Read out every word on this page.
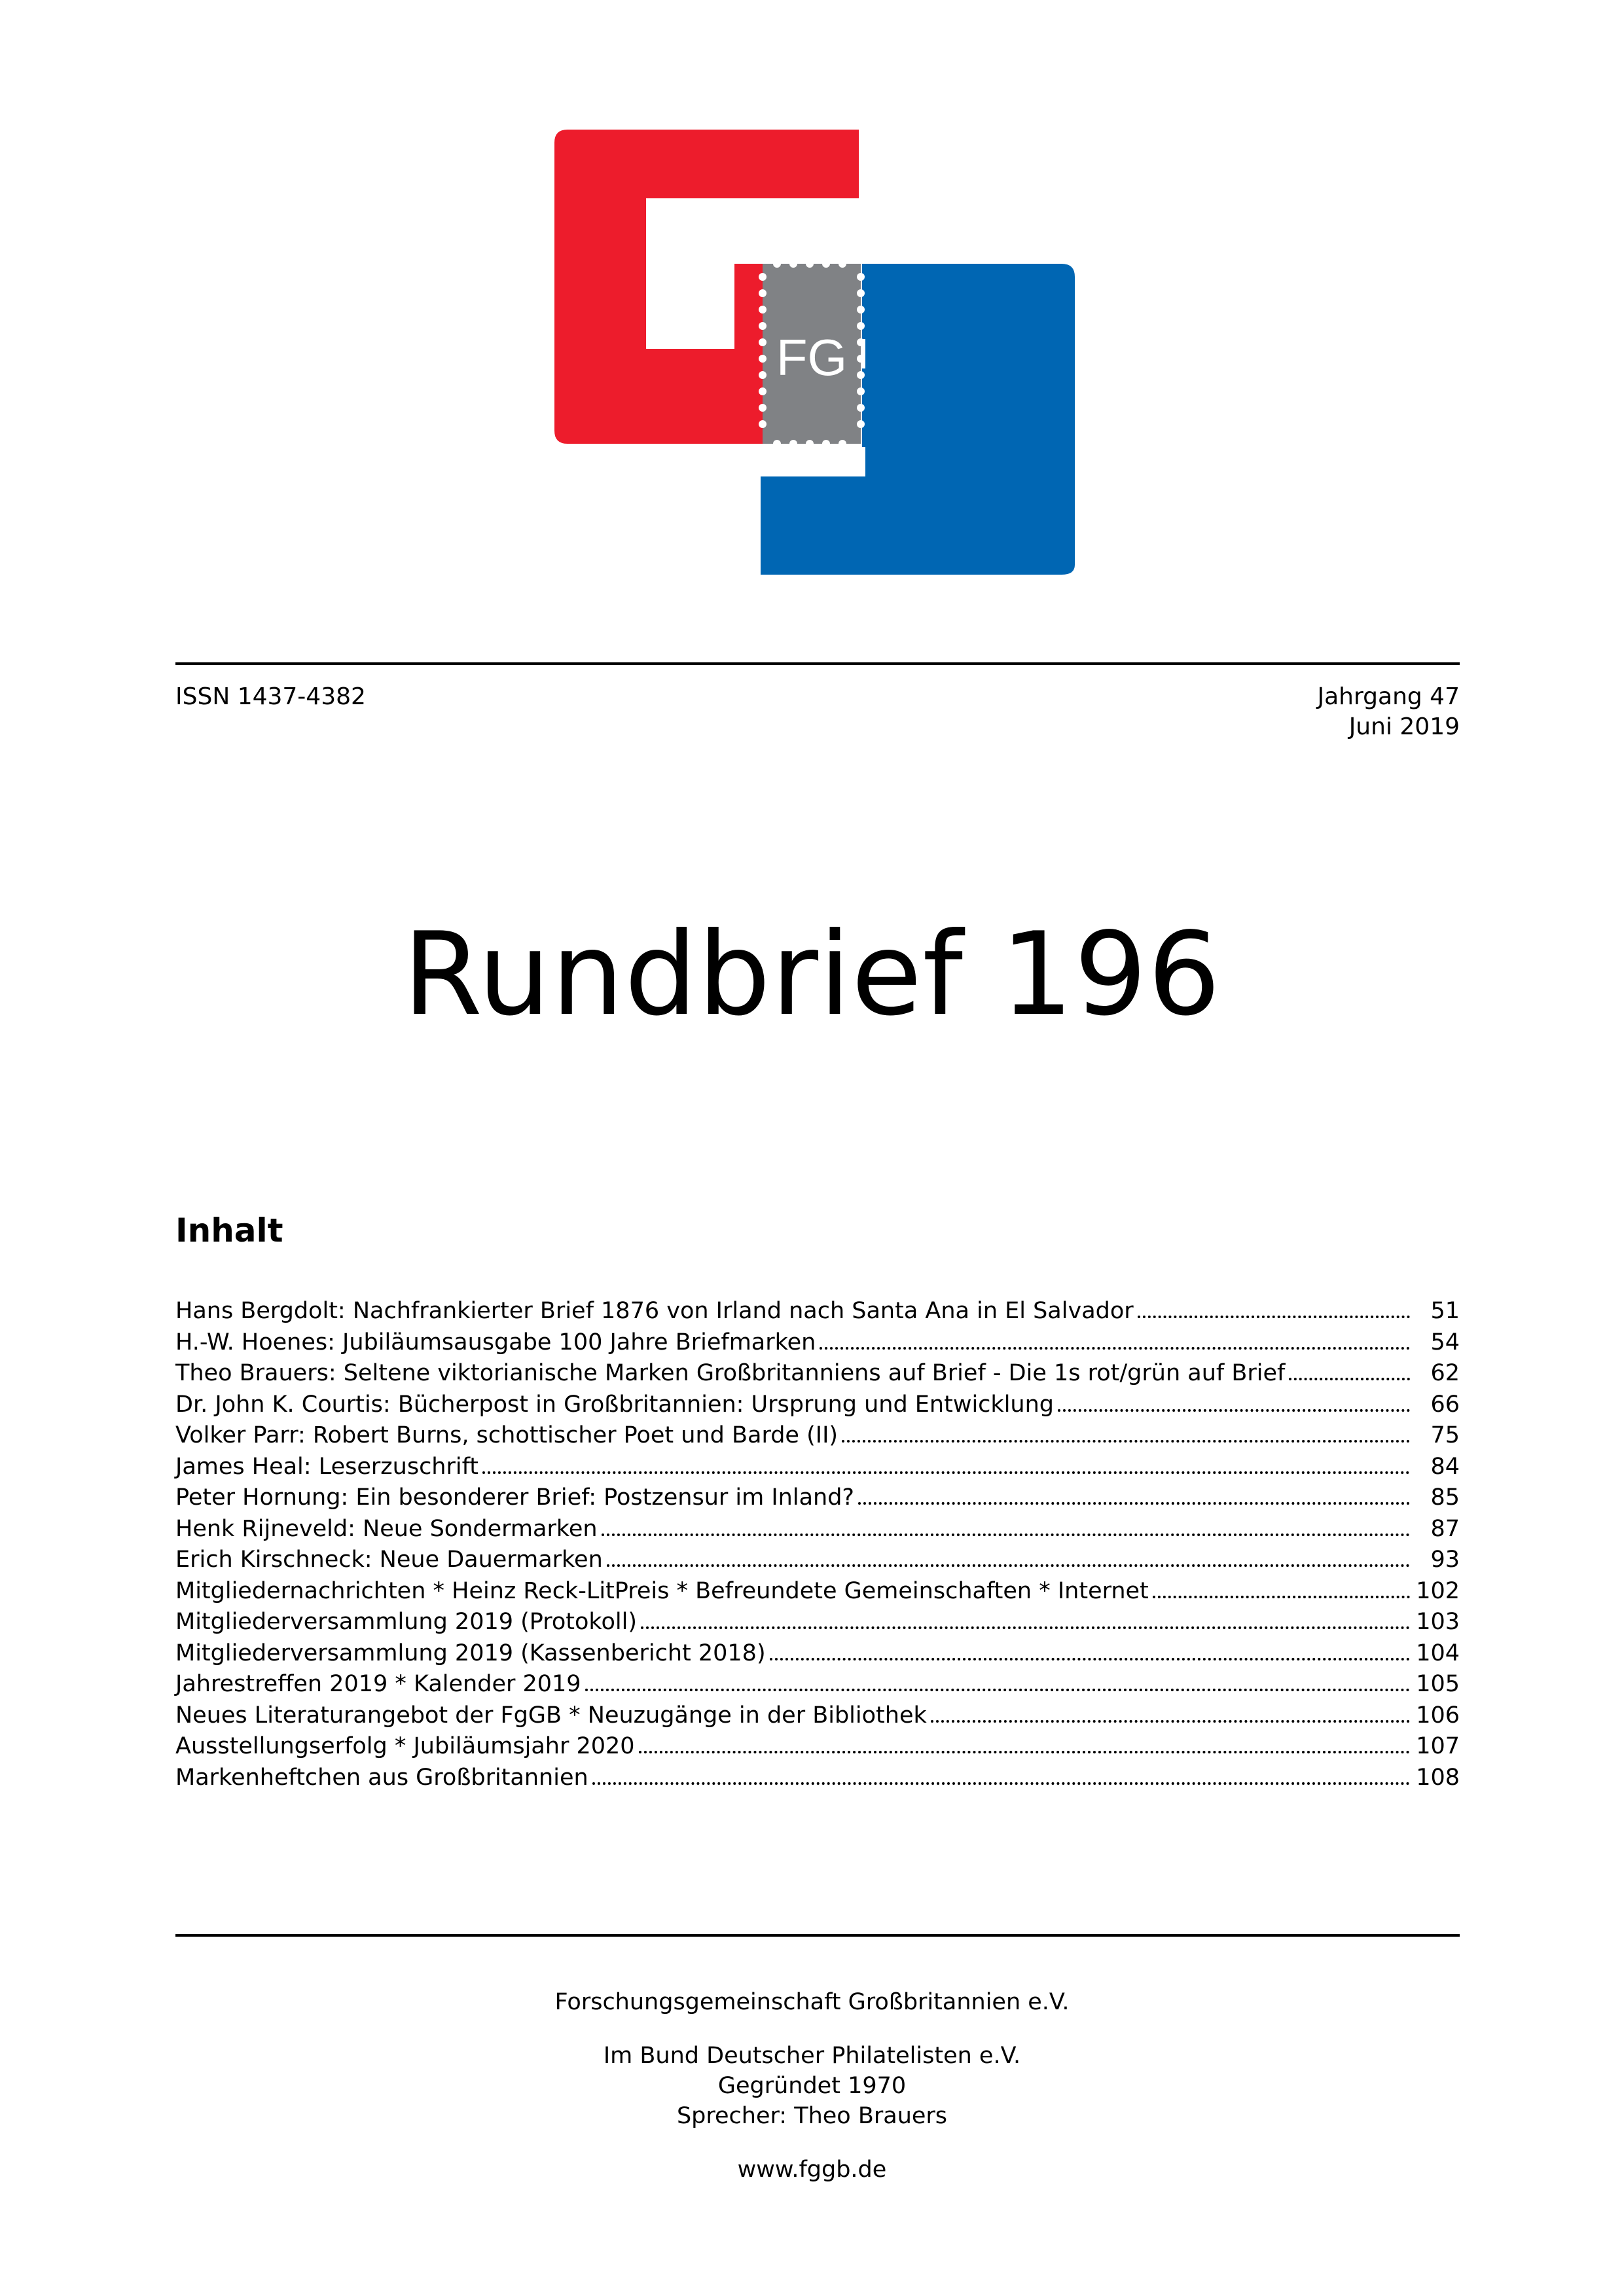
FG
ISSN 1437-4382	Jahrgang 47
Juni 2019
Rundbrief 196
Inhalt
Hans Bergdolt: Nachfrankierter Brief 1876 von Irland nach Santa Ana in El Salvador	51
H.-W. Hoenes: Jubiläumsausgabe 100 Jahre Briefmarken	54
Theo Brauers: Seltene viktorianische Marken Großbritanniens auf Brief - Die 1s rot/grün auf Brief	62
Dr. John K. Courtis: Bücherpost in Großbritannien: Ursprung und Entwicklung	66
Volker Parr: Robert Burns, schottischer Poet und Barde (II)	75
James Heal: Leserzuschrift	84
Peter Hornung: Ein besonderer Brief: Postzensur im Inland?	85
Henk Rijneveld: Neue Sondermarken	87
Erich Kirschneck: Neue Dauermarken	93
Mitgliedernachrichten * Heinz Reck-LitPreis * Befreundete Gemeinschaften * Internet	102
Mitgliederversammlung 2019 (Protokoll)	103
Mitgliederversammlung 2019 (Kassenbericht 2018)	104
Jahrestreffen 2019 * Kalender 2019	105
Neues Literaturangebot der FgGB * Neuzugänge in der Bibliothek	106
Ausstellungserfolg * Jubiläumsjahr 2020	107
Markenheftchen aus Großbritannien	108
Forschungsgemeinschaft Großbritannien e.V.
Im Bund Deutscher Philatelisten e.V.
Gegründet 1970
Sprecher: Theo Brauers
www.fggb.de
